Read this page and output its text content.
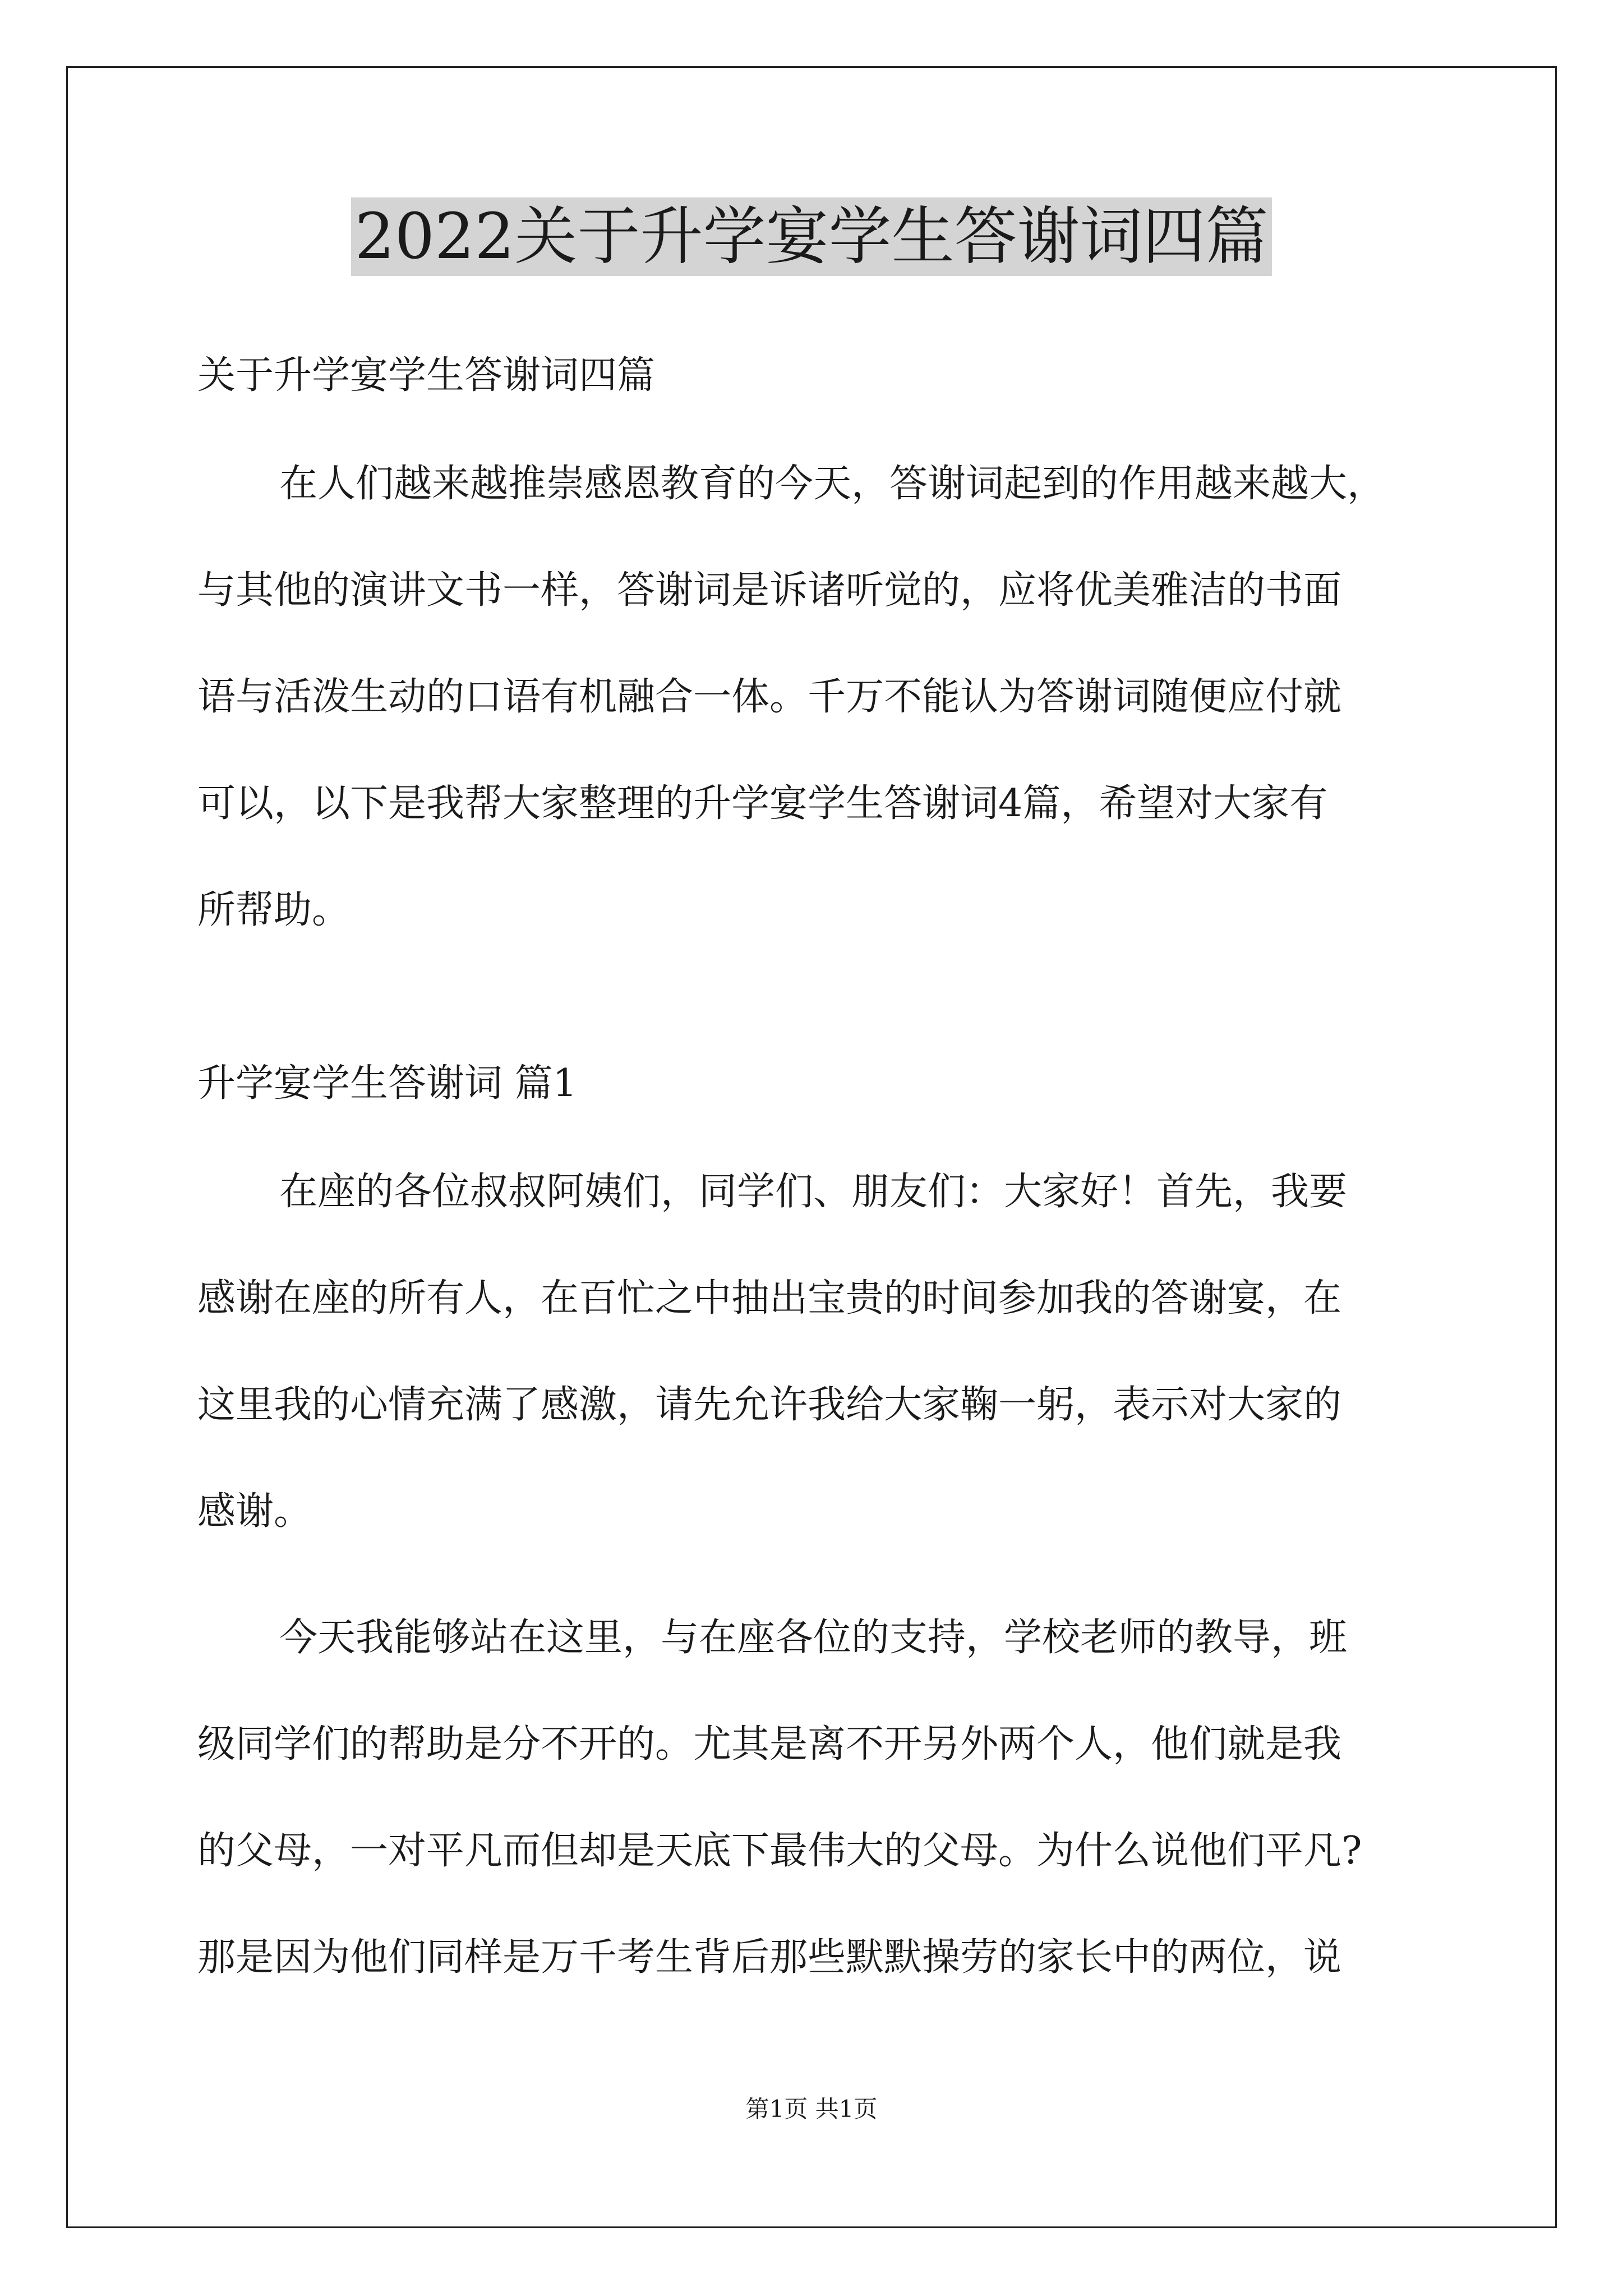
2022关于升学宴学生答谢词四篇
关于升学宴学生答谢词四篇
在人们越来越推崇感恩教育的今天，答谢词起到的作用越来越大，
与其他的演讲文书一样，答谢词是诉诸听觉的，应将优美雅洁的书面
语与活泼生动的口语有机融合一体。千万不能认为答谢词随便应付就
可以，以下是我帮大家整理的升学宴学生答谢词4篇，希望对大家有
所帮助。
升学宴学生答谢词 篇1
在座的各位叔叔阿姨们，同学们、朋友们：大家好！首先，我要
感谢在座的所有人，在百忙之中抽出宝贵的时间参加我的答谢宴，在
这里我的心情充满了感激，请先允许我给大家鞠一躬，表示对大家的
感谢。
今天我能够站在这里，与在座各位的支持，学校老师的教导，班
级同学们的帮助是分不开的。尤其是离不开另外两个人，他们就是我
的父母，一对平凡而但却是天底下最伟大的父母。为什么说他们平凡?
那是因为他们同样是万千考生背后那些默默操劳的家长中的两位，说
第1页 共1页
